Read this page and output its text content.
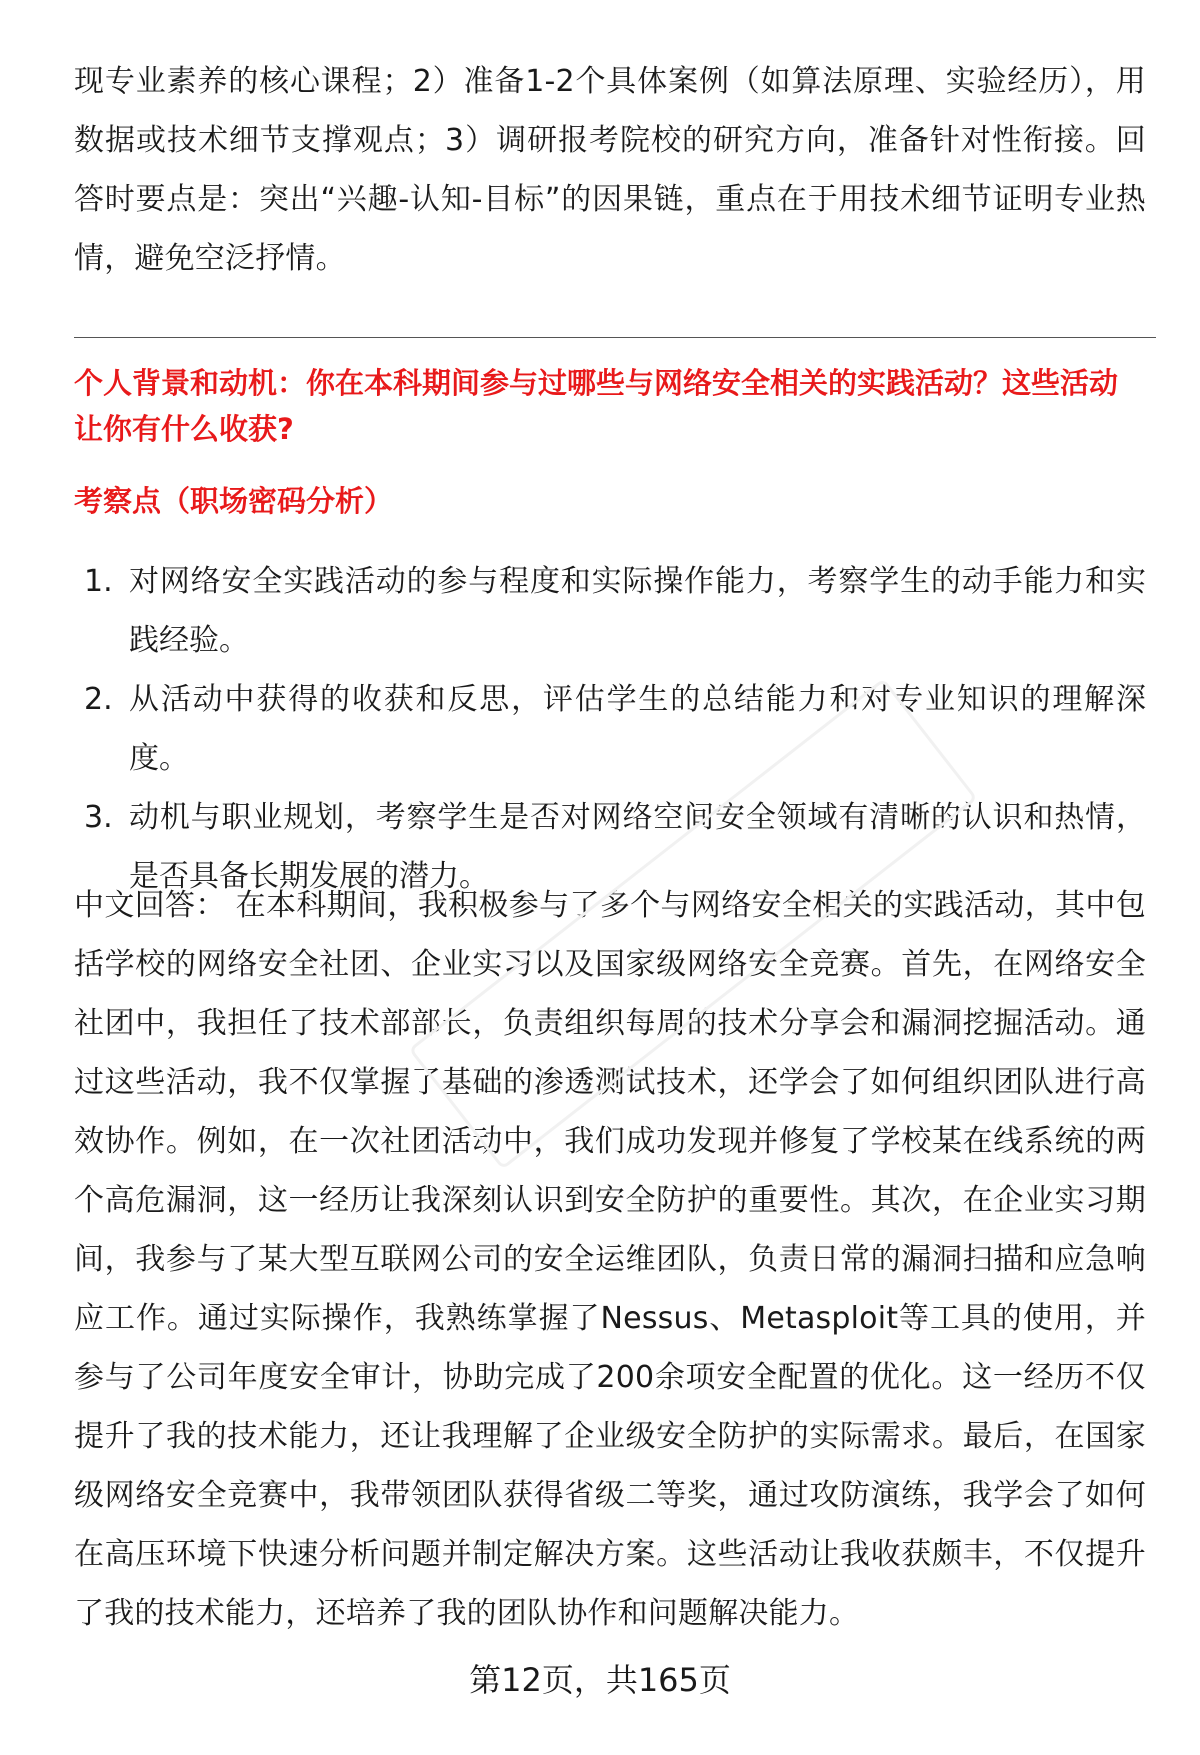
现专业素养的核心课程；2）准备1-2个具体案例（如算法原理、实验经历），用数据或技术细节支撑观点；3）调研报考院校的研究方向，准备针对性衔接。回答时要点是：突出“兴趣-认知-目标”的因果链，重点在于用技术细节证明专业热情，避免空泛抒情。

个人背景和动机：你在本科期间参与过哪些与网络安全相关的实践活动？这些活动让你有什么收获?

考察点（职场密码分析）

1. 对网络安全实践活动的参与程度和实际操作能力，考察学生的动手能力和实践经验。
2. 从活动中获得的收获和反思，评估学生的总结能力和对专业知识的理解深度。
3. 动机与职业规划，考察学生是否对网络空间安全领域有清晰的认识和热情，是否具备长期发展的潜力。

中文回答： 在本科期间，我积极参与了多个与网络安全相关的实践活动，其中包括学校的网络安全社团、企业实习以及国家级网络安全竞赛。首先，在网络安全社团中，我担任了技术部部长，负责组织每周的技术分享会和漏洞挖掘活动。通过这些活动，我不仅掌握了基础的渗透测试技术，还学会了如何组织团队进行高效协作。例如，在一次社团活动中，我们成功发现并修复了学校某在线系统的两个高危漏洞，这一经历让我深刻认识到安全防护的重要性。其次，在企业实习期间，我参与了某大型互联网公司的安全运维团队，负责日常的漏洞扫描和应急响应工作。通过实际操作，我熟练掌握了Nessus、Metasploit等工具的使用，并参与了公司年度安全审计，协助完成了200余项安全配置的优化。这一经历不仅提升了我的技术能力，还让我理解了企业级安全防护的实际需求。最后，在国家级网络安全竞赛中，我带领团队获得省级二等奖，通过攻防演练，我学会了如何在高压环境下快速分析问题并制定解决方案。这些活动让我收获颇丰，不仅提升了我的技术能力，还培养了我的团队协作和问题解决能力。

第12页，共165页
